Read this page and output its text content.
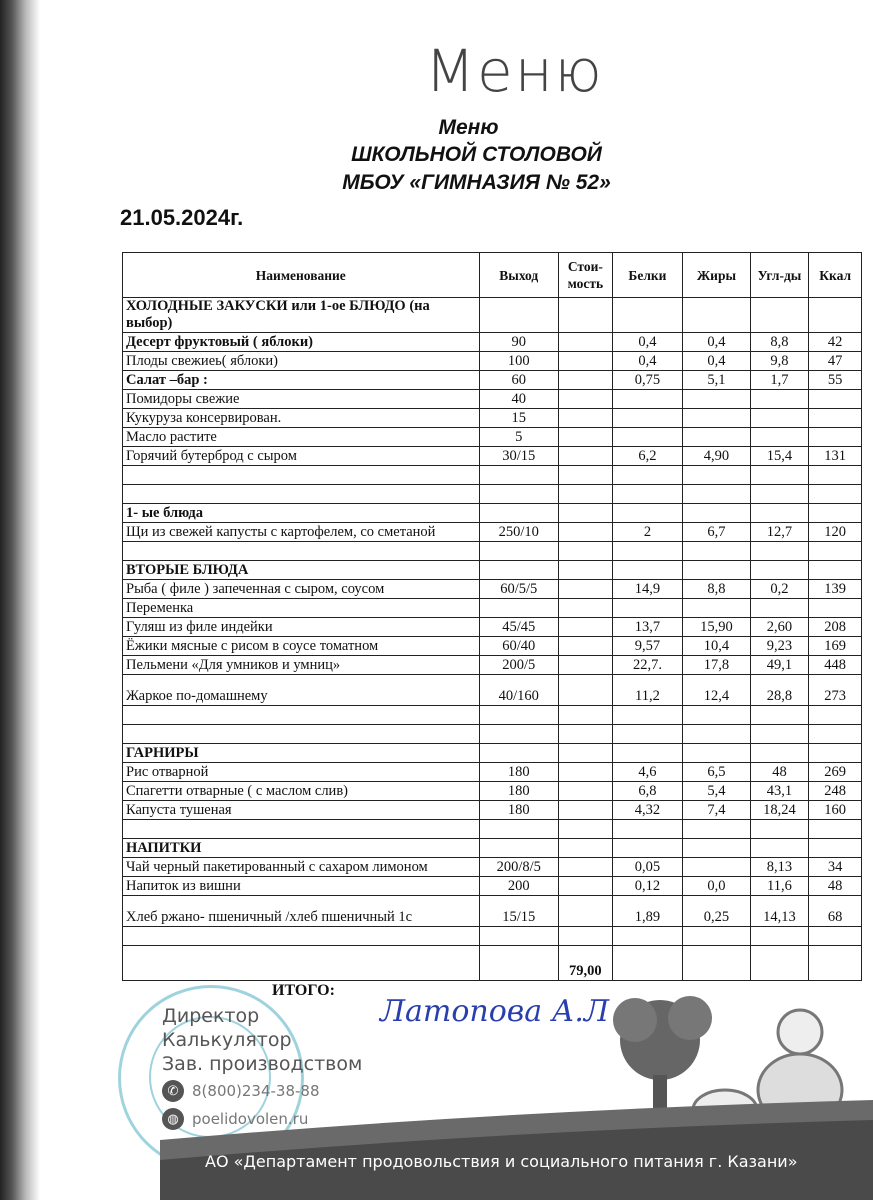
Меню
Меню
ШКОЛЬНОЙ СТОЛОВОЙ
МБОУ «ГИМНАЗИЯ № 52»
21.05.2024г.
Наименование	Выход	Стои-мость	Белки	Жиры	Угл-ды	Ккал
ХОЛОДНЫЕ ЗАКУСКИ или 1-ое БЛЮДО (на выбор)						
Десерт фруктовый ( яблоки)	90		0,4	0,4	8,8	42
Плоды свежиеь( яблоки)	100		0,4	0,4	9,8	47
Салат –бар :	60		0,75	5,1	1,7	55
Помидоры свежие	40					
Кукуруза консервирован.	15					
Масло растите	5					
Горячий бутерброд с сыром	30/15		6,2	4,90	15,4	131

1- ые блюда						
Щи из свежей капусты с картофелем, со сметаной	250/10		2	6,7	12,7	120

ВТОРЫЕ БЛЮДА						
Рыба ( филе ) запеченная с сыром, соусом	60/5/5		14,9	8,8	0,2	139
Переменка						
Гуляш из филе индейки	45/45		13,7	15,90	2,60	208
Ёжики мясные с рисом в соусе томатном	60/40		9,57	10,4	9,23	169
Пельмени «Для умников и умниц»	200/5		22,7.	17,8	49,1	448
Жаркое по-домашнему	40/160		11,2	12,4	28,8	273

ГАРНИРЫ						
Рис отварной	180		4,6	6,5	48	269
Спагетти отварные ( с маслом слив)	180		6,8	5,4	43,1	248
Капуста тушеная	180		4,32	7,4	18,24	160

НАПИТКИ						
Чай черный пакетированный с сахаром лимоном	200/8/5		0,05		8,13	34
Напиток из вишни	200		0,12	0,0	11,6	48
Хлеб ржано- пшеничный /хлеб пшеничный 1с	15/15		1,89	0,25	14,13	68

		79,00				
ИТОГО:
Латопова А.Л
Директор
Калькулятор
Зав. производством
✆ 8(800)234-38-88
◍ poelidovolen.ru
АО «Департамент продовольствия и социального питания г. Казани»
